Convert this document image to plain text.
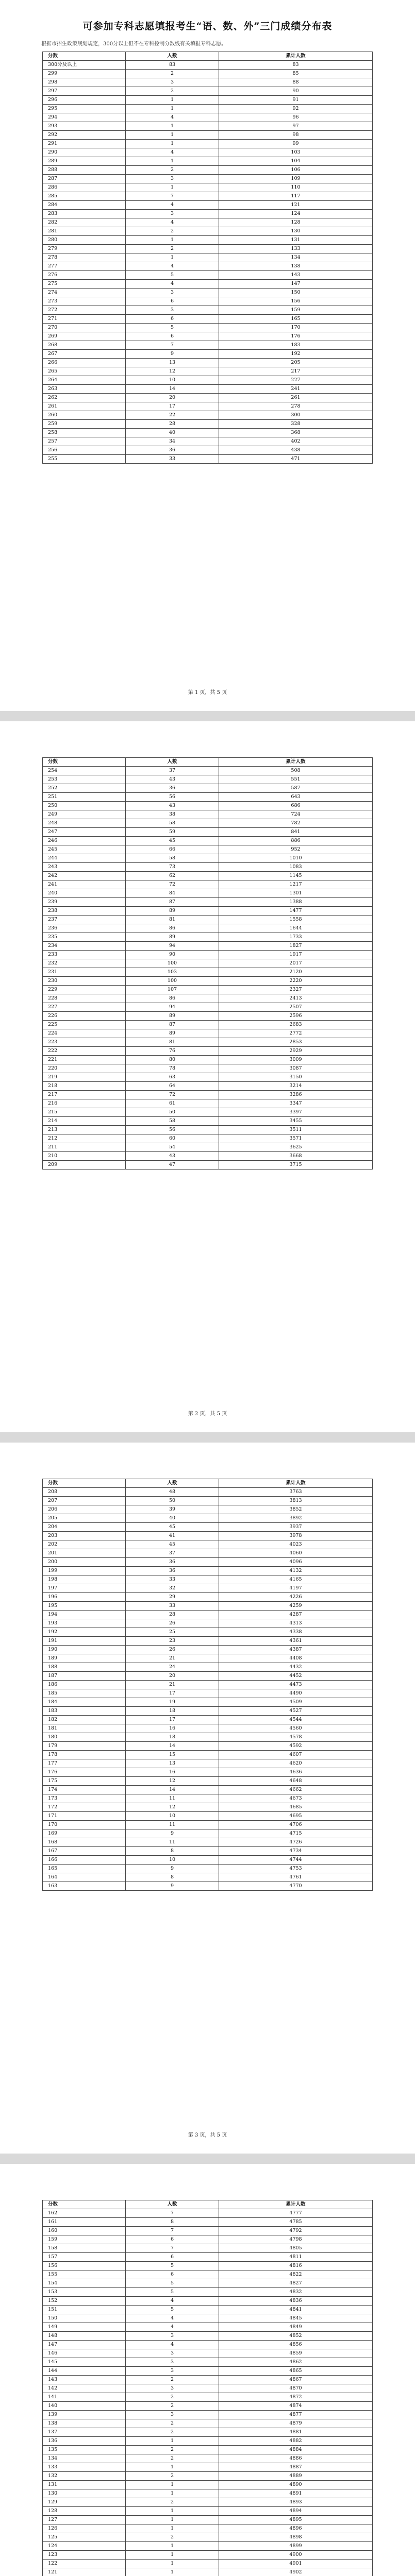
可参加专科志愿填报考生“语、数、外”三门成绩分布表
根据市招生政策规划规定，300分以上但不在专科控制分数线有关填报专科志愿。
分数	人数	累计人数
300分及以上	83	83
299	2	85
298	3	88
297	2	90
296	1	91
295	1	92
294	4	96
293	1	97
292	1	98
291	1	99
290	4	103
289	1	104
288	2	106
287	3	109
286	1	110
285	7	117
284	4	121
283	3	124
282	4	128
281	2	130
280	1	131
279	2	133
278	1	134
277	4	138
276	5	143
275	4	147
274	3	150
273	6	156
272	3	159
271	6	165
270	5	170
269	6	176
268	7	183
267	9	192
266	13	205
265	12	217
264	10	227
263	14	241
262	20	261
261	17	278
260	22	300
259	28	328
258	40	368
257	34	402
256	36	438
255	33	471
第 1 页，共 5 页
分数	人数	累计人数
254	37	508
253	43	551
252	36	587
251	56	643
250	43	686
249	38	724
248	58	782
247	59	841
246	45	886
245	66	952
244	58	1010
243	73	1083
242	62	1145
241	72	1217
240	84	1301
239	87	1388
238	89	1477
237	81	1558
236	86	1644
235	89	1733
234	94	1827
233	90	1917
232	100	2017
231	103	2120
230	100	2220
229	107	2327
228	86	2413
227	94	2507
226	89	2596
225	87	2683
224	89	2772
223	81	2853
222	76	2929
221	80	3009
220	78	3087
219	63	3150
218	64	3214
217	72	3286
216	61	3347
215	50	3397
214	58	3455
213	56	3511
212	60	3571
211	54	3625
210	43	3668
209	47	3715
第 2 页，共 5 页
分数	人数	累计人数
208	48	3763
207	50	3813
206	39	3852
205	40	3892
204	45	3937
203	41	3978
202	45	4023
201	37	4060
200	36	4096
199	36	4132
198	33	4165
197	32	4197
196	29	4226
195	33	4259
194	28	4287
193	26	4313
192	25	4338
191	23	4361
190	26	4387
189	21	4408
188	24	4432
187	20	4452
186	21	4473
185	17	4490
184	19	4509
183	18	4527
182	17	4544
181	16	4560
180	18	4578
179	14	4592
178	15	4607
177	13	4620
176	16	4636
175	12	4648
174	14	4662
173	11	4673
172	12	4685
171	10	4695
170	11	4706
169	9	4715
168	11	4726
167	8	4734
166	10	4744
165	9	4753
164	8	4761
163	9	4770
第 3 页，共 5 页
分数	人数	累计人数
162	7	4777
161	8	4785
160	7	4792
159	6	4798
158	7	4805
157	6	4811
156	5	4816
155	6	4822
154	5	4827
153	5	4832
152	4	4836
151	5	4841
150	4	4845
149	4	4849
148	3	4852
147	4	4856
146	3	4859
145	3	4862
144	3	4865
143	2	4867
142	3	4870
141	2	4872
140	2	4874
139	3	4877
138	2	4879
137	2	4881
136	1	4882
135	2	4884
134	2	4886
133	1	4887
132	2	4889
131	1	4890
130	1	4891
129	2	4893
128	1	4894
127	1	4895
126	1	4896
125	2	4898
124	1	4899
123	1	4900
122	1	4901
121	1	4902
